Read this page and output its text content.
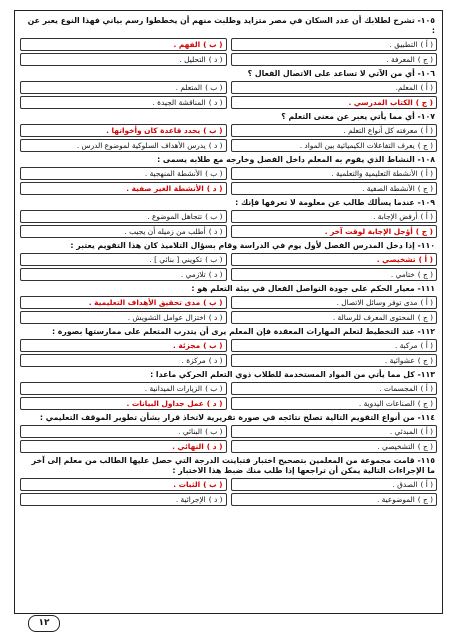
١٠٥- تشرح لطلابك أن عدد السكان في مصر متزايد وطلبت منهم أن يخططوا رسم بياني فهذا النوع يعبر عن :
( أ )التطبيق .
( ب )الفهم .
( ج )المعرفة .
( د )التحليل .
١٠٦- أي من الآتي لا تساعد على الاتصال الفعال ؟
( أ )المعلم.
( ب )المتعلم .
( ج )الكتاب المدرسي .
( د )المناقشة الجيدة .
١٠٧- أي مما يأتي يعبر عن معنى التعلم ؟
( أ )معرفته كل أنواع التعلم .
( ب )يحدد قاعدة كان وأخواتها .
( ج )يعرف التفاعلات الكيميائية بين المواد .
( د )يدرس الأهداف السلوكية لموضوع الدرس .
١٠٨- النشاط الذي يقوم به المعلم داخل الفصل وخارجه مع طلابه يسمى :
( أ )الأنشطة التعليمية والتعلمية .
( ب )الأنشطة المنهجية .
( ج )الأنشطة الصفية .
( د )الأنشطة الغير صفية .
١٠٩- عندما يسألك طالب عن معلومة لا تعرفها فإنك :
( أ )أرفض الإجابة .
( ب )تتجاهل الموضوع .
( ج )أؤجل الإجابة لوقت آخر .
( د )أطلب من زميله أن يجيب .
١١٠- إذا دخل المدرس الفصل لأول يوم في الدراسة وقام بسؤال التلاميذ كان هذا التقويم يعتبر :
( أ )تشخيصي .
( ب )تكويني [ بنائي ] .
( ج )ختامي .
( د )تلازمي .
١١١- معيار الحكم على جودة التواصل الفعال في بيئة التعلم هو :
( أ )مدى توفر وسائل الاتصال .
( ب )مدى تحقيق الأهداف التعليمية .
( ج )المحتوى المعرف للرسالة .
( د )اختزال عوامل التشويش .
١١٢- عند التخطيط لتعلم المهارات المعقدة فإن المعلم يرى أن يتدرب المتعلم على ممارستها بصورة :
( أ )مركبة .
( ب )مجزئة .
( ج )عشوائية .
( د )مركزة .
١١٣- كل مما يأتي من المواد المستخدمة للطلاب ذوي التعلم الحركي ماعدا :
( أ )المجسمات .
( ب )الزيارات الميدانية .
( ج )الصناعات اليدوية .
( د )عمل جداول البيانات .
١١٤- من أنواع التقويم التالية تصلح نتائجه في صورة تقريرية لاتخاذ قرار بشأن تطوير الموقف التعليمي :
( أ )المبدئي .
( ب )البنائي .
( ج )التشخيصي .
( د )النهائي .
١١٥- قامت مجموعة من المعلمين بتصحيح اختبار فتباينت الدرجة التي حصل عليها الطالب من معلم إلى آخر ما الإجراءات التالية يمكن أن تراجعها إذا طلب منك ضبط هذا الاختبار :
( أ )الصدق .
( ب )الثبات .
( ج )الموضوعية .
( د )الإجرائية .
١٢
